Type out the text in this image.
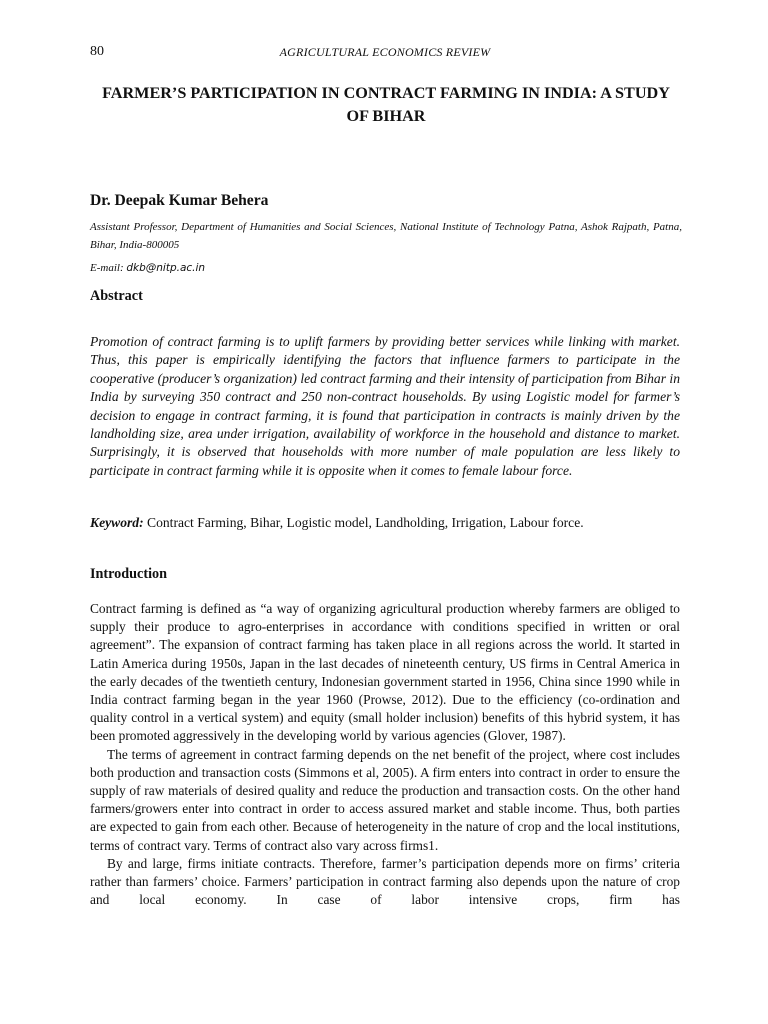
80	AGRICULTURAL ECONOMICS REVIEW
FARMER’S PARTICIPATION IN CONTRACT FARMING IN INDIA: A STUDY OF BIHAR
Dr. Deepak Kumar Behera
Assistant Professor, Department of Humanities and Social Sciences, National Institute of Technology Patna, Ashok Rajpath, Patna, Bihar, India-800005
E-mail: dkb@nitp.ac.in
Abstract

Promotion of contract farming is to uplift farmers by providing better services while linking with market. Thus, this paper is empirically identifying the factors that influence farmers to participate in the cooperative (producer’s organization) led contract farming and their intensity of participation from Bihar in India by surveying 350 contract and 250 non-contract households. By using Logistic model for farmer’s decision to engage in contract farming, it is found that participation in contracts is mainly driven by the landholding size, area under irrigation, availability of workforce in the household and distance to market. Surprisingly, it is observed that households with more number of male population are less likely to participate in contract farming while it is opposite when it comes to female labour force.

Keyword: Contract Farming, Bihar, Logistic model, Landholding, Irrigation, Labour force.

Introduction

Contract farming is defined as “a way of organizing agricultural production whereby farmers are obliged to supply their produce to agro-enterprises in accordance with conditions specified in written or oral agreement”. The expansion of contract farming has taken place in all regions across the world. It started in Latin America during 1950s, Japan in the last decades of nineteenth century, US firms in Central America in the early decades of the twentieth century, Indonesian government started in 1956, China since 1990 while in India contract farming began in the year 1960 (Prowse, 2012). Due to the efficiency (co-ordination and quality control in a vertical system) and equity (small holder inclusion) benefits of this hybrid system, it has been promoted aggressively in the developing world by various agencies (Glover, 1987).

The terms of agreement in contract farming depends on the net benefit of the project, where cost includes both production and transaction costs (Simmons et al, 2005). A firm enters into contract in order to ensure the supply of raw materials of desired quality and reduce the production and transaction costs. On the other hand farmers/growers enter into contract in order to access assured market and stable income. Thus, both parties are expected to gain from each other. Because of heterogeneity in the nature of crop and the local institutions, terms of contract vary. Terms of contract also vary across firms1.

By and large, firms initiate contracts. Therefore, farmer’s participation depends more on firms’ criteria rather than farmers’ choice. Farmers’ participation in contract farming also depends upon the nature of crop and local economy. In case of labor intensive crops, firm has
